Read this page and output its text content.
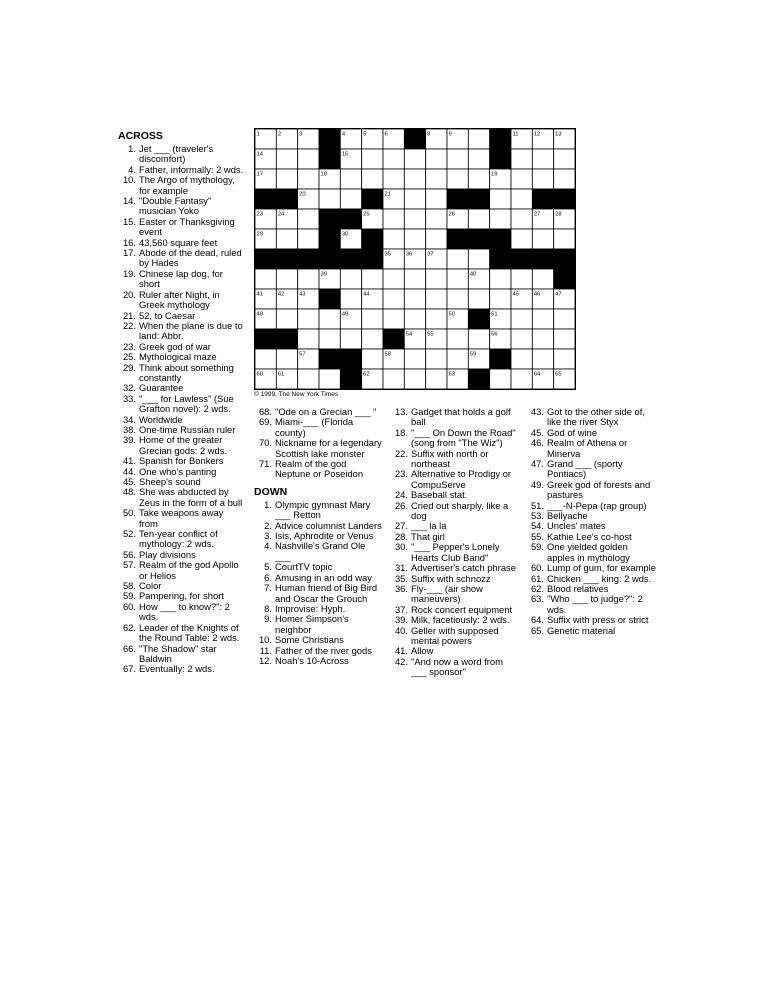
ACROSS
1. Jet ___ (traveler's discomfort)
4. Father, informally: 2 wds.
10. The Argo of mythology, for example
14. "Double Fantasy" musician Yoko
15. Easter or Thanksgiving event
16. 43,560 square feet
17. Abode of the dead, ruled by Hades
19. Chinese lap dog, for short
20. Ruler after Night, in Greek mythology
21. 52, to Caesar
22. When the plane is due to land: Abbr.
23. Greek god of war
25. Mythological maze
29. Think about something constantly
32. Guarantee
33. "___ for Lawless" (Sue Grafton novel): 2 wds.
34. Worldwide
38. One-time Russian ruler
39. Home of the greater Grecian gods: 2 wds.
41. Spanish for Bonkers
44. One who's panting
45. Sheep's sound
48. She was abducted by Zeus in the form of a bull
50. Take weapons away from
52. Ten-year conflict of mythology: 2 wds.
56. Play divisions
57. Realm of the god Apollo or Helios
58. Color
59. Pampering, for short
60. How ___ to know?": 2 wds.
62. Leader of the Knights of the Round Table: 2 wds.
66. "The Shadow" star Baldwin
67. Eventually: 2 wds.
1	2	3	4	5	6	7	8	9	10	11	12	13
14	15	16
17	18	19
20	21	22
23	24	25	26	27	28
29	30	31	32
33	34	35	36	37	38
39	40
41	42	43	44	45	46	47
48	49	50	51
52	53	54	55	56
57	58	59
60	61	62	63	64	65
© 1999, The New York Times
68. "Ode on a Grecian ___ "
69. Miami-___ (Florida county)
70. Nickname for a legendary Scottish lake monster
71. Realm of the god Neptune or Poseidon
DOWN
1. Olympic gymnast Mary ___ Retton
2. Advice columnist Landers
3. Isis, Aphrodite or Venus
4. Nashville's Grand Ole ___
5. CourtTV topic
6. Amusing in an odd way
7. Human friend of Big Bird and Oscar the Grouch
8. Improvise: Hyph.
9. Homer Simpson's neighbor
10. Some Christians
11. Father of the river gods
12. Noah's 10-Across
13. Gadget that holds a golf ball
18. "___ On Down the Road" (song from "The Wiz")
22. Suffix with north or northeast
23. Alternative to Prodigy or CompuServe
24. Baseball stat.
26. Cried out sharply, like a dog
27. ___ la la
28. That girl
30. "___ Pepper's Lonely Hearts Club Band"
31. Advertiser's catch phrase
35. Suffix with schnozz
36. Fly-___ (air show maneuvers)
37. Rock concert equipment
39. Milk, facetiously: 2 wds.
40. Geller with supposed mental powers
41. Allow
42. "And now a word from ___ sponsor"
43. Got to the other side of, like the river Styx
45. God of wine
46. Realm of Athena or Minerva
47. Grand ___ (sporty Pontiacs)
49. Greek god of forests and pastures
51. ___-N-Pepa (rap group)
53. Bellyache
54. Uncles' mates
55. Kathie Lee's co-host
59. One yielded golden apples in mythology
60. Lump of gum, for example
61. Chicken ___ king: 2 wds.
62. Blood relatives
63. "Who ___ to judge?": 2 wds.
64. Suffix with press or strict
65. Genetic material
